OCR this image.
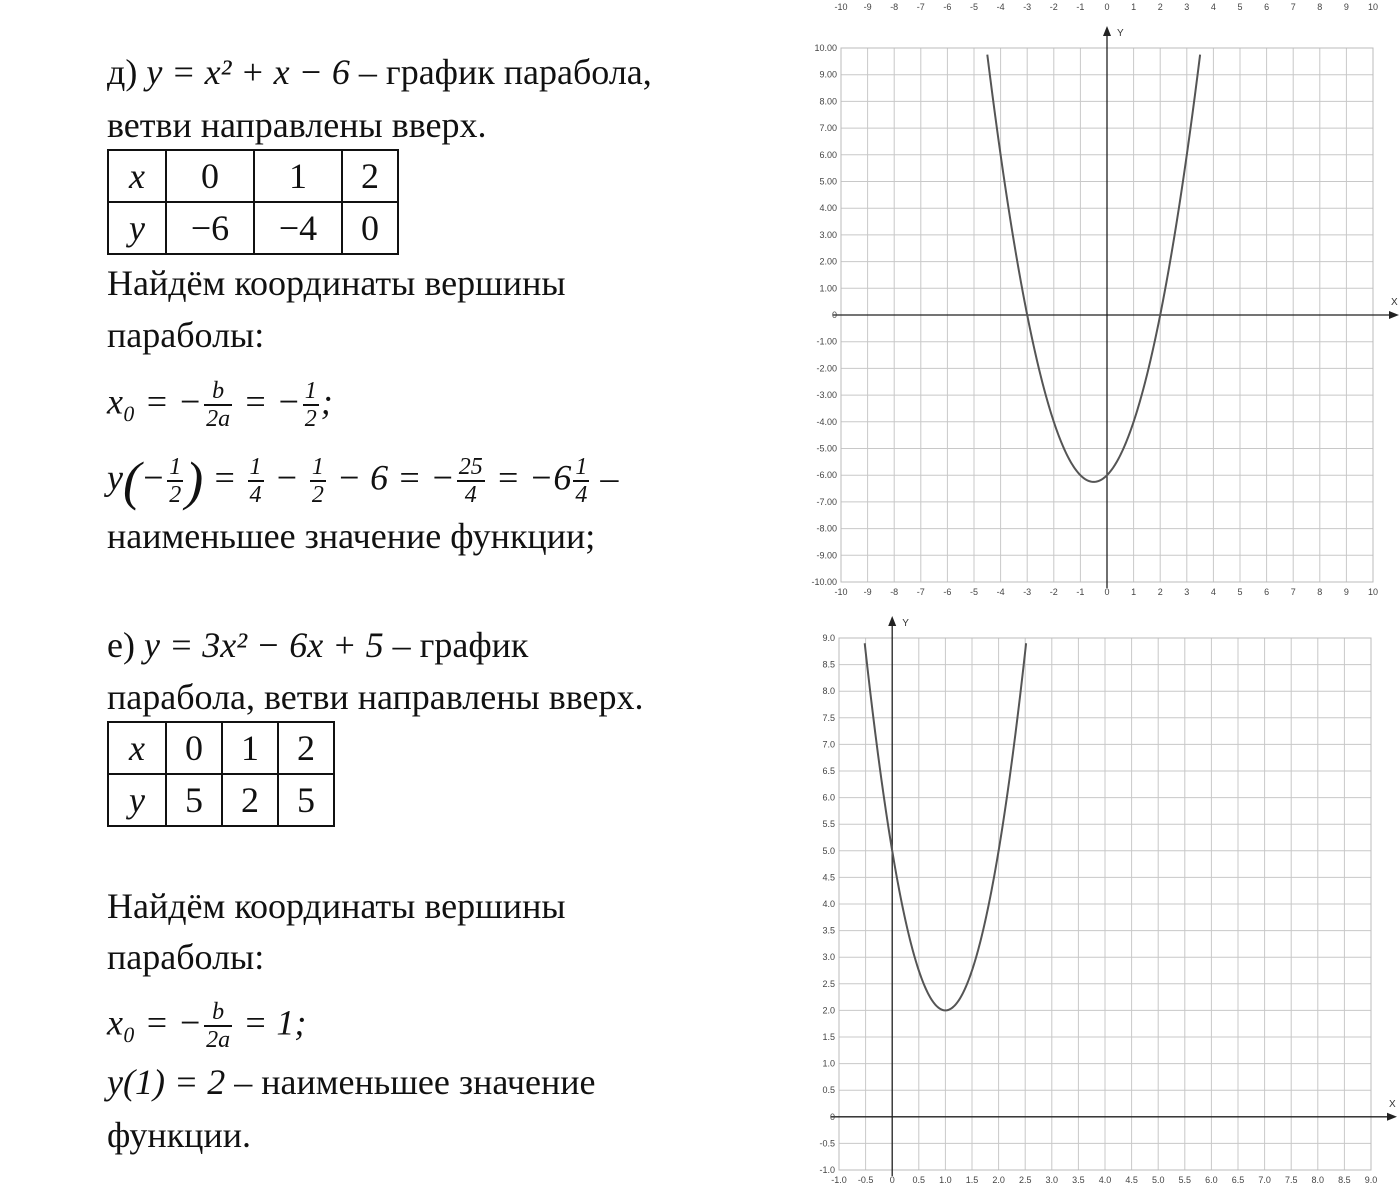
д) y = x² + x − 6 – график парабола,
ветви направлены вверх.
x	0	1	2
y	−6	−4	0
Найдём координаты вершины
параболы:
x₀ = − $\frac{b}{2a}$ = − $\frac{1}{2}$ ;
$y(- \frac{1}{2}$ ) = $\frac{1}{4} - \frac{1}{2} - 6$ = − $\frac{25}{4} = -6 \frac{1}{4}$ –
наименьшее значение функции;
е) y = 3x² − 6x + 5 – график
парабола, ветви направлены вверх.
x	0	1	2
y	5	2	5
Найдём координаты вершины
параболы:
x₀ = − $\frac{b}{2a} = 1$;
y(1) = 2 – наименьшее значение
функции.
X
Y
-10
-10
-9
-9
-8
-8
-7
-7
-6
-6
-5
-5
-4
-4
-3
-3
-2
-2
-1
-1
0
0
1
1
2
2
3
3
4
4
5
5
6
6
7
7
8
8
9
9
10
10
10.00
9.00
8.00
7.00
6.00
5.00
4.00
3.00
2.00
1.00
0
-1.00
-2.00
-3.00
-4.00
-5.00
-6.00
-7.00
-8.00
-9.00
-10.00
X
Y
-1.0 -0.5 0 0.5 1.0 1.5 2.0 2.5 3.0 3.5 4.0 4.5 5.0 5.5 6.0 6.5 7.0 7.5 8.0 8.5 9.0
9.0
8.5
8.0
7.5
7.0
6.5
6.0
5.5
5.0
4.5
4.0
3.5
3.0
2.5
2.0
1.5
1.0
0.5
0
-0.5
-1.0
